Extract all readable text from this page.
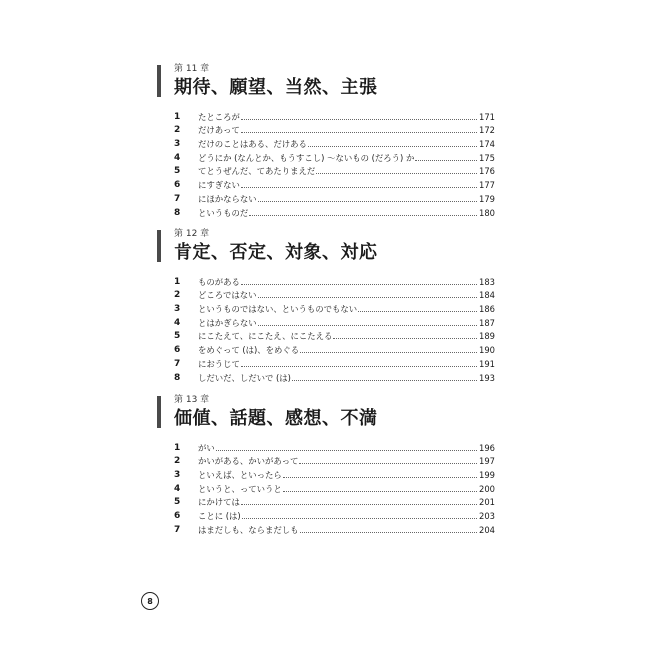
第 11 章
期待、願望、当然、主張
1	たところが	171
2	だけあって	172
3	だけのことはある、だけある	174
4	どうにか (なんとか、もうすこし) ～ないもの (だろう) か	175
5	てとうぜんだ、てあたりまえだ	176
6	にすぎない	177
7	にほかならない	179
8	というものだ	180
第 12 章
肯定、否定、対象、対応
1	ものがある	183
2	どころではない	184
3	というものではない、というものでもない	186
4	とはかぎらない	187
5	にこたえて、にこたえ、にこたえる	189
6	をめぐって (は)、をめぐる	190
7	におうじて	191
8	しだいだ、しだいで (は)	193
第 13 章
価値、話題、感想、不満
1	がい	196
2	かいがある、かいがあって	197
3	といえば、といったら	199
4	というと、っていうと	200
5	にかけては	201
6	ことに (は)	203
7	はまだしも、ならまだしも	204
8
